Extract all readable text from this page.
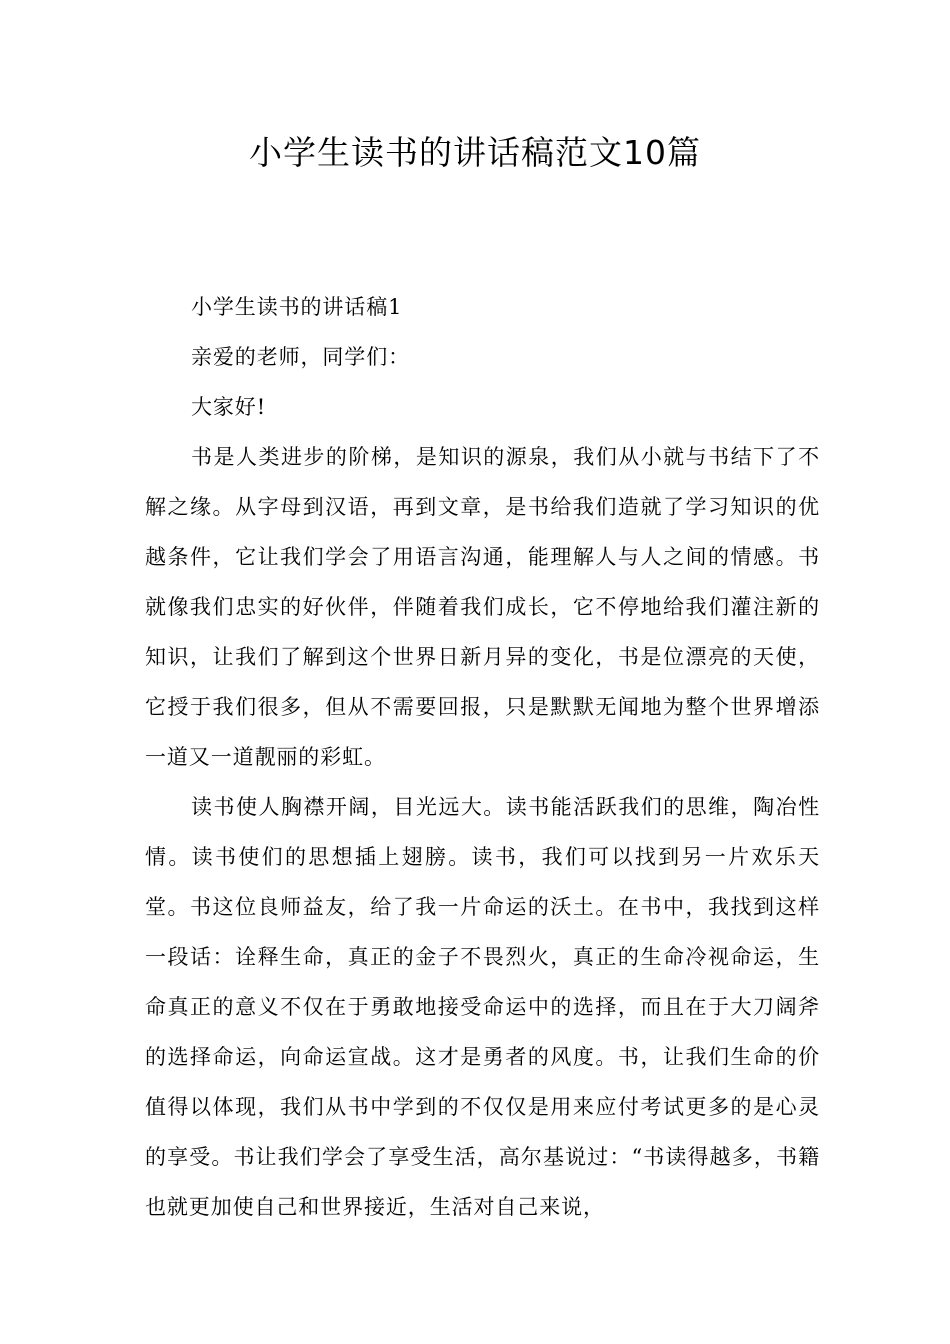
小学生读书的讲话稿范文10篇

小学生读书的讲话稿1

亲爱的老师，同学们：

大家好!

书是人类进步的阶梯，是知识的源泉，我们从小就与书结下了不解之缘。从字母到汉语，再到文章，是书给我们造就了学习知识的优越条件，它让我们学会了用语言沟通，能理解人与人之间的情感。书就像我们忠实的好伙伴，伴随着我们成长，它不停地给我们灌注新的知识，让我们了解到这个世界日新月异的变化，书是位漂亮的天使，它授于我们很多，但从不需要回报，只是默默无闻地为整个世界增添一道又一道靓丽的彩虹。

读书使人胸襟开阔，目光远大。读书能活跃我们的思维，陶冶性情。读书使们的思想插上翅膀。读书，我们可以找到另一片欢乐天堂。书这位良师益友，给了我一片命运的沃土。在书中，我找到这样一段话：诠释生命，真正的金子不畏烈火，真正的生命冷视命运，生命真正的意义不仅在于勇敢地接受命运中的选择，而且在于大刀阔斧的选择命运，向命运宣战。这才是勇者的风度。书，让我们生命的价值得以体现，我们从书中学到的不仅仅是用来应付考试更多的是心灵的享受。书让我们学会了享受生活，高尔基说过：“书读得越多，书籍也就更加使自己和世界接近，生活对自己来说，
